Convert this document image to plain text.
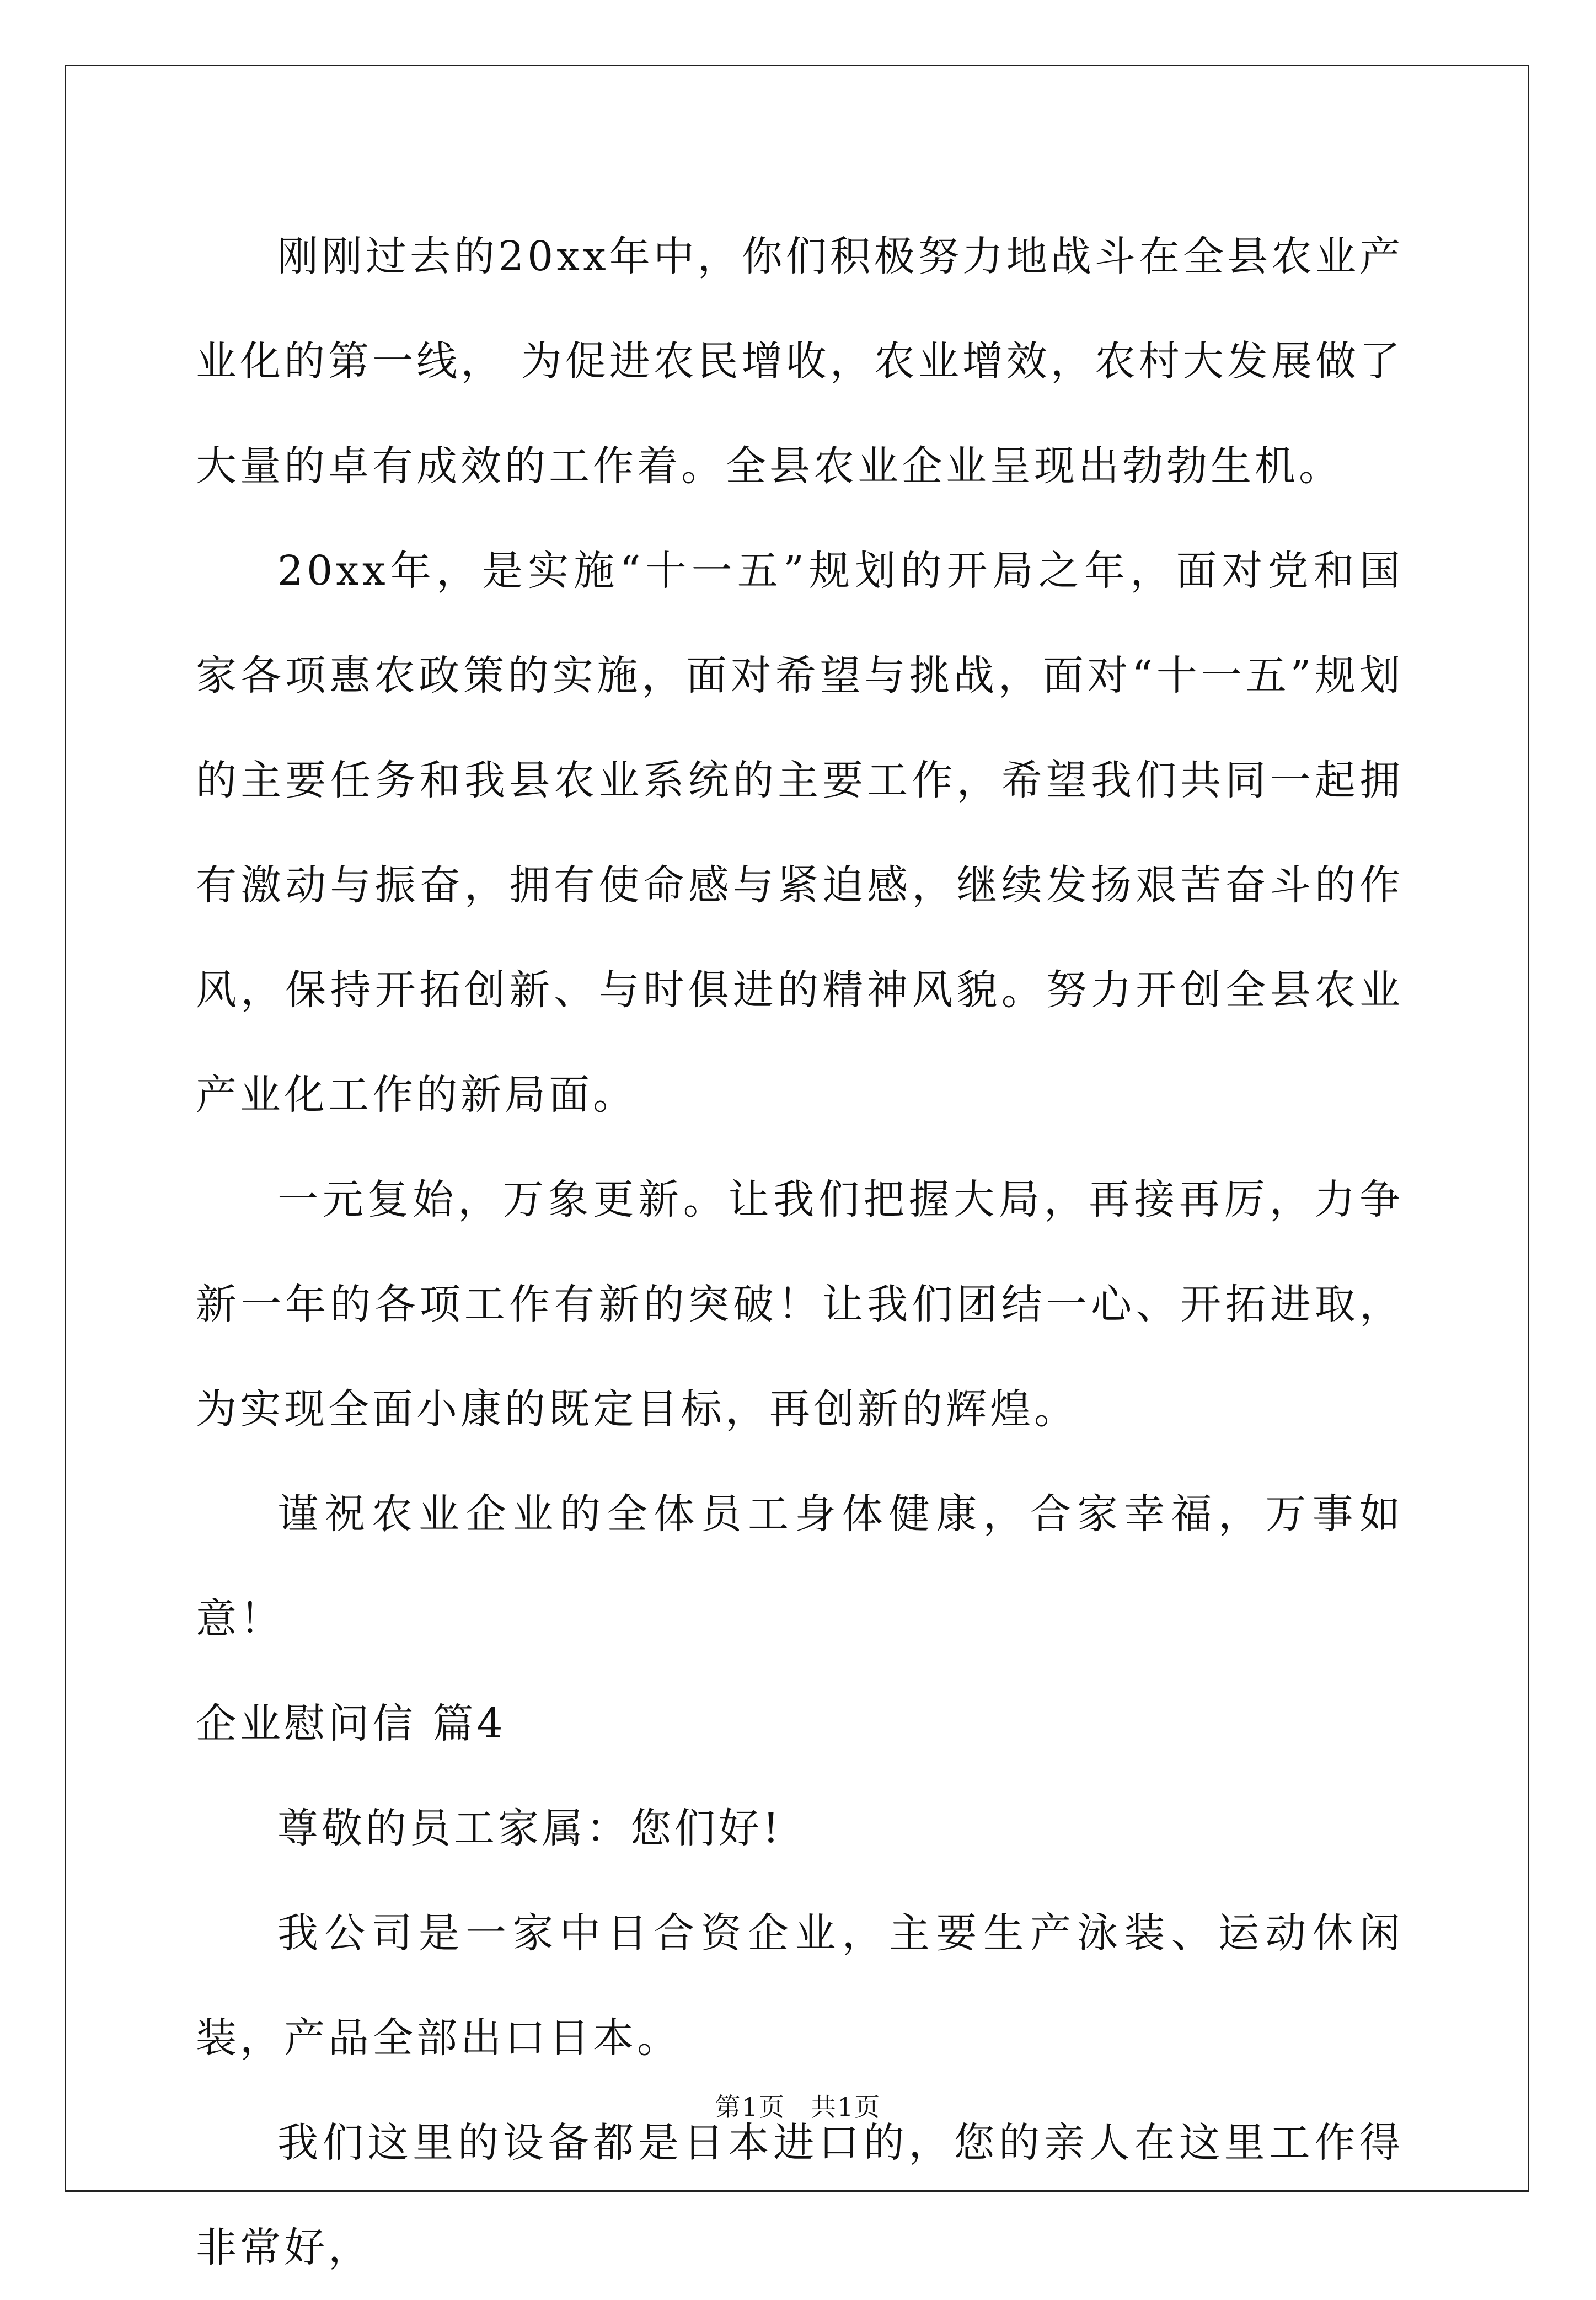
刚刚过去的20xx年中，你们积极努力地战斗在全县农业产业化的第一线， 为促进农民增收，农业增效，农村大发展做了大量的卓有成效的工作着。全县农业企业呈现出勃勃生机。

20xx年，是实施“十一五”规划的开局之年，面对党和国家各项惠农政策的实施，面对希望与挑战，面对“十一五”规划的主要任务和我县农业系统的主要工作，希望我们共同一起拥有激动与振奋，拥有使命感与紧迫感，继续发扬艰苦奋斗的作风，保持开拓创新、与时俱进的精神风貌。努力开创全县农业产业化工作的新局面。

一元复始，万象更新。让我们把握大局，再接再厉，力争新一年的各项工作有新的突破！让我们团结一心、开拓进取，为实现全面小康的既定目标，再创新的辉煌。

谨祝农业企业的全体员工身体健康，合家幸福，万事如意！

企业慰问信 篇4

尊敬的员工家属：您们好!

我公司是一家中日合资企业，主要生产泳装、运动休闲装，产品全部出口日本。

我们这里的设备都是日本进口的，您的亲人在这里工作得非常好，

第1页 共1页
